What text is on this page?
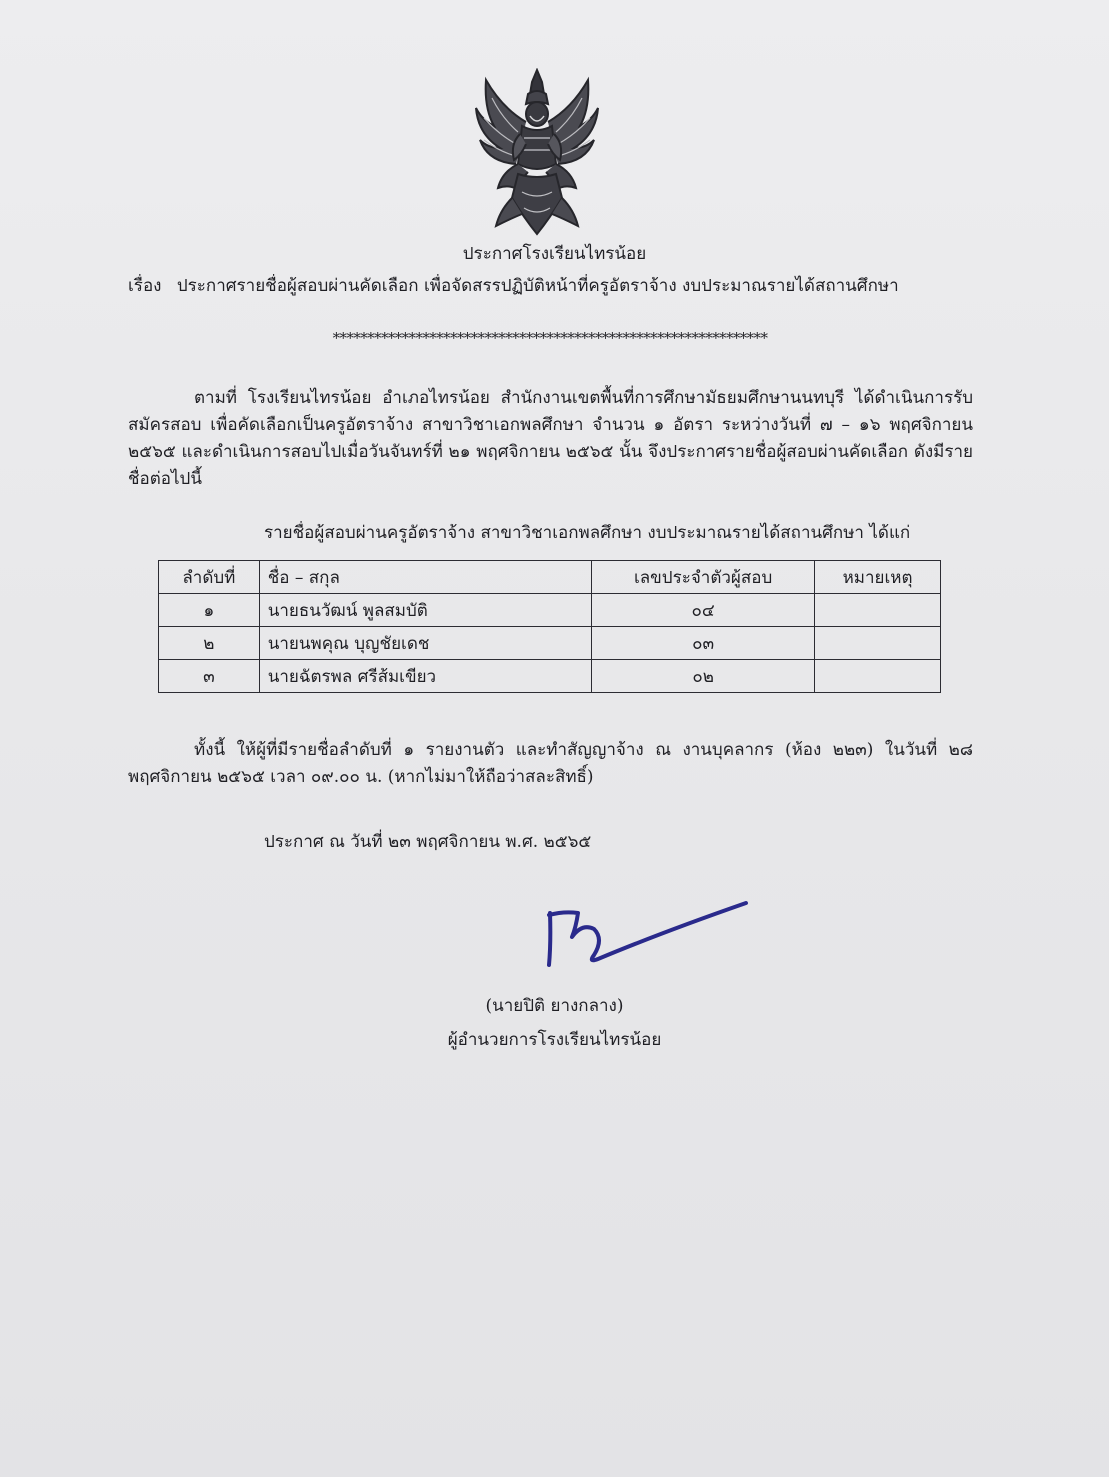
ประกาศโรงเรียนไทรน้อย
เรื่อง ประกาศรายชื่อผู้สอบผ่านคัดเลือก เพื่อจัดสรรปฏิบัติหน้าที่ครูอัตราจ้าง งบประมาณรายได้สถานศึกษา
***************************************************************
ตามที่ โรงเรียนไทรน้อย อำเภอไทรน้อย สำนักงานเขตพื้นที่การศึกษามัธยมศึกษานนทบุรี ได้ดำเนินการรับสมัครสอบ เพื่อคัดเลือกเป็นครูอัตราจ้าง สาขาวิชาเอกพลศึกษา จำนวน ๑ อัตรา ระหว่างวันที่ ๗ – ๑๖ พฤศจิกายน ๒๕๖๕ และดำเนินการสอบไปเมื่อวันจันทร์ที่ ๒๑ พฤศจิกายน ๒๕๖๕ นั้น จึงประกาศรายชื่อผู้สอบผ่านคัดเลือก ดังมีรายชื่อต่อไปนี้
รายชื่อผู้สอบผ่านครูอัตราจ้าง สาขาวิชาเอกพลศึกษา งบประมาณรายได้สถานศึกษา ได้แก่
ลำดับที่	ชื่อ – สกุล	เลขประจำตัวผู้สอบ	หมายเหตุ
๑	นายธนวัฒน์ พูลสมบัติ	๐๔	
๒	นายนพคุณ บุญชัยเดช	๐๓	
๓	นายฉัตรพล ศรีส้มเขียว	๐๒	
ทั้งนี้ ให้ผู้ที่มีรายชื่อลำดับที่ ๑ รายงานตัว และทำสัญญาจ้าง ณ งานบุคลากร (ห้อง ๒๒๓) ในวันที่ ๒๘ พฤศจิกายน ๒๕๖๕ เวลา ๐๙.๐๐ น. (หากไม่มาให้ถือว่าสละสิทธิ์)
ประกาศ ณ วันที่ ๒๓ พฤศจิกายน พ.ศ. ๒๕๖๕
(นายปิติ ยางกลาง)
ผู้อำนวยการโรงเรียนไทรน้อย
